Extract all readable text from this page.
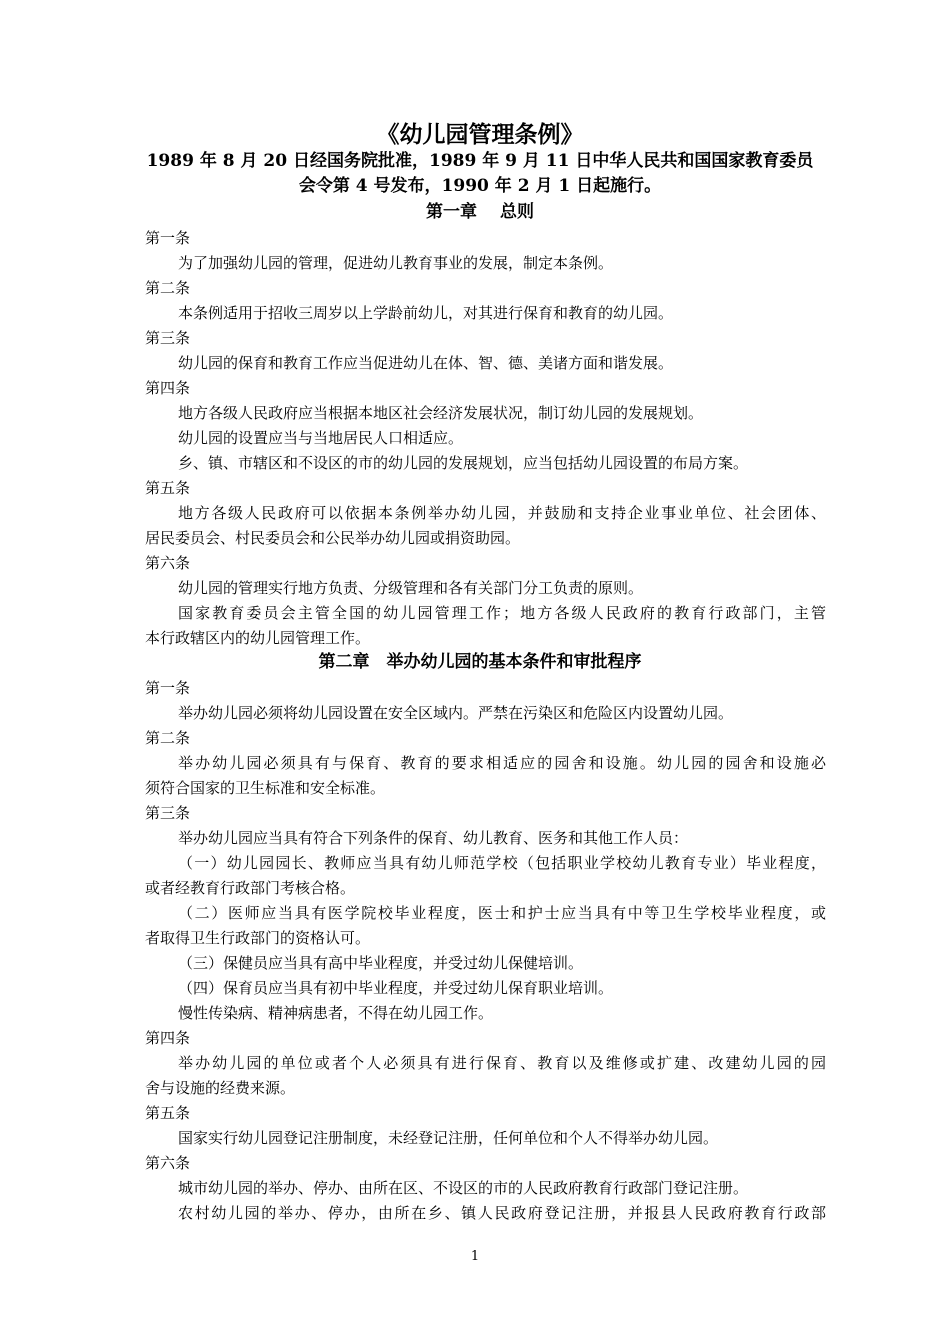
《幼儿园管理条例》
1989 年 8 月 20 日经国务院批准，1989 年 9 月 11 日中华人民共和国国家教育委员
会令第 4 号发布，1990 年 2 月 1 日起施行。
第一章　 总则
第一条
为了加强幼儿园的管理，促进幼儿教育事业的发展，制定本条例。
第二条
本条例适用于招收三周岁以上学龄前幼儿，对其进行保育和教育的幼儿园。
第三条
幼儿园的保育和教育工作应当促进幼儿在体、智、德、美诸方面和谐发展。
第四条
地方各级人民政府应当根据本地区社会经济发展状况，制订幼儿园的发展规划。
幼儿园的设置应当与当地居民人口相适应。
乡、镇、市辖区和不设区的市的幼儿园的发展规划，应当包括幼儿园设置的布局方案。
第五条
地方各级人民政府可以依据本条例举办幼儿园，并鼓励和支持企业事业单位、社会团体、
居民委员会、村民委员会和公民举办幼儿园或捐资助园。
第六条
幼儿园的管理实行地方负责、分级管理和各有关部门分工负责的原则。
国家教育委员会主管全国的幼儿园管理工作；地方各级人民政府的教育行政部门，主管
本行政辖区内的幼儿园管理工作。
第二章　举办幼儿园的基本条件和审批程序
第一条
举办幼儿园必须将幼儿园设置在安全区域内。严禁在污染区和危险区内设置幼儿园。
第二条
举办幼儿园必须具有与保育、教育的要求相适应的园舍和设施。幼儿园的园舍和设施必
须符合国家的卫生标准和安全标准。
第三条
举办幼儿园应当具有符合下列条件的保育、幼儿教育、医务和其他工作人员：
（一）幼儿园园长、教师应当具有幼儿师范学校（包括职业学校幼儿教育专业）毕业程度，
或者经教育行政部门考核合格。
（二）医师应当具有医学院校毕业程度，医士和护士应当具有中等卫生学校毕业程度，或
者取得卫生行政部门的资格认可。
（三）保健员应当具有高中毕业程度，并受过幼儿保健培训。
（四）保育员应当具有初中毕业程度，并受过幼儿保育职业培训。
慢性传染病、精神病患者，不得在幼儿园工作。
第四条
举办幼儿园的单位或者个人必须具有进行保育、教育以及维修或扩建、改建幼儿园的园
舍与设施的经费来源。
第五条
国家实行幼儿园登记注册制度，未经登记注册，任何单位和个人不得举办幼儿园。
第六条
城市幼儿园的举办、停办、由所在区、不设区的市的人民政府教育行政部门登记注册。
农村幼儿园的举办、停办，由所在乡、镇人民政府登记注册，并报县人民政府教育行政部
1
